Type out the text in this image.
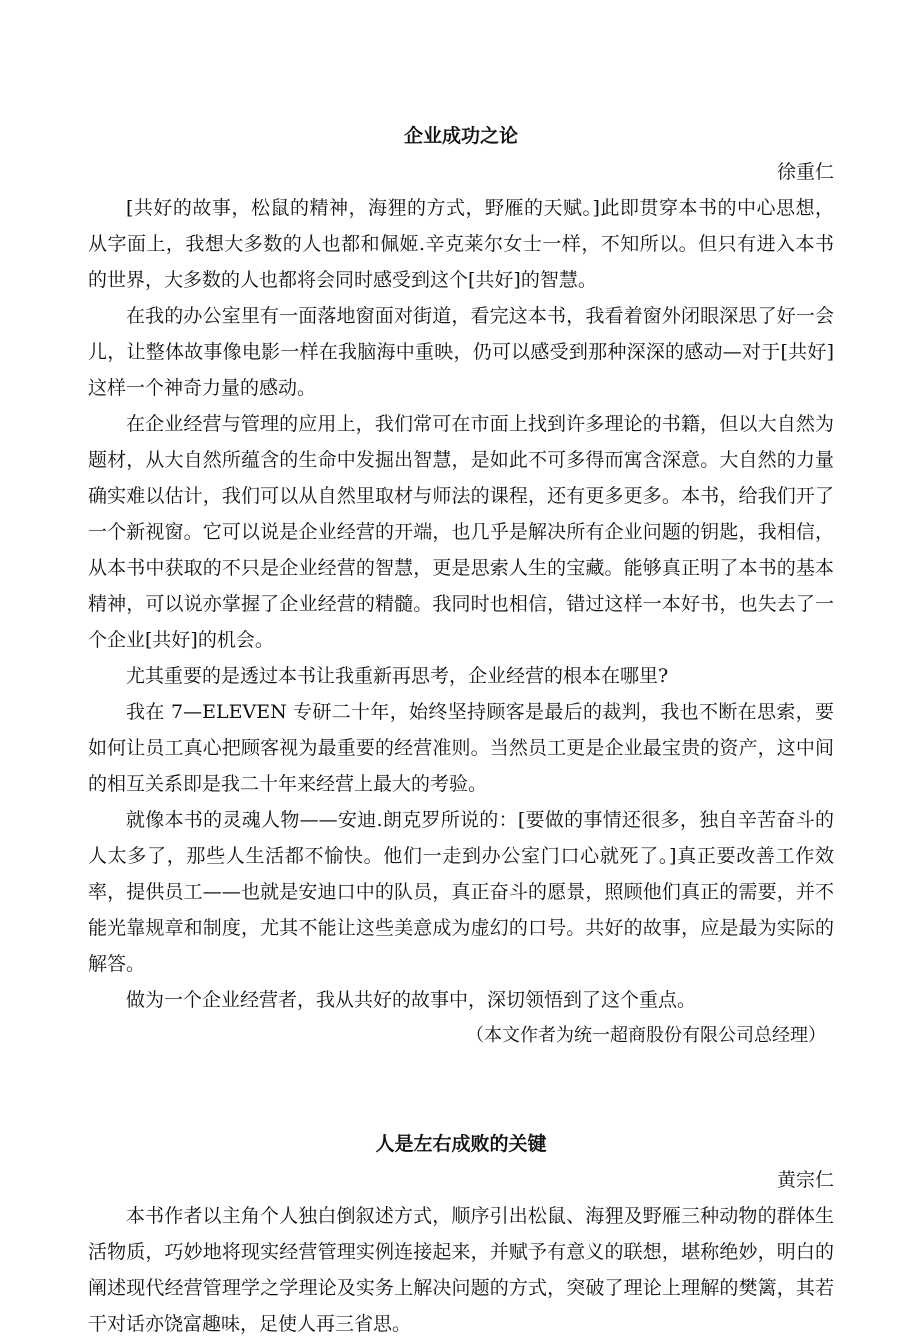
企业成功之论

徐重仁

[共好的故事，松鼠的精神，海狸的方式，野雁的天赋。]此即贯穿本书的中心思想，从字面上，我想大多数的人也都和佩姬.辛克莱尔女士一样，不知所以。但只有进入本书的世界，大多数的人也都将会同时感受到这个[共好]的智慧。

在我的办公室里有一面落地窗面对街道，看完这本书，我看着窗外闭眼深思了好一会儿，让整体故事像电影一样在我脑海中重映，仍可以感受到那种深深的感动—对于[共好]这样一个神奇力量的感动。

在企业经营与管理的应用上，我们常可在市面上找到许多理论的书籍，但以大自然为题材，从大自然所蕴含的生命中发掘出智慧，是如此不可多得而寓含深意。大自然的力量确实难以估计，我们可以从自然里取材与师法的课程，还有更多更多。本书，给我们开了一个新视窗。它可以说是企业经营的开端，也几乎是解决所有企业问题的钥匙，我相信，从本书中获取的不只是企业经营的智慧，更是思索人生的宝藏。能够真正明了本书的基本精神，可以说亦掌握了企业经营的精髓。我同时也相信，错过这样一本好书，也失去了一个企业[共好]的机会。

尤其重要的是透过本书让我重新再思考，企业经营的根本在哪里?

我在 7—ELEVEN 专研二十年，始终坚持顾客是最后的裁判，我也不断在思索，要如何让员工真心把顾客视为最重要的经营准则。当然员工更是企业最宝贵的资产，这中间的相互关系即是我二十年来经营上最大的考验。

就像本书的灵魂人物——安迪.朗克罗所说的：[要做的事情还很多，独自辛苦奋斗的人太多了，那些人生活都不愉快。他们一走到办公室门口心就死了。]真正要改善工作效率，提供员工——也就是安迪口中的队员，真正奋斗的愿景，照顾他们真正的需要，并不能光靠规章和制度，尤其不能让这些美意成为虚幻的口号。共好的故事，应是最为实际的解答。

做为一个企业经营者，我从共好的故事中，深切领悟到了这个重点。

（本文作者为统一超商股份有限公司总经理）

人是左右成败的关键

黄宗仁

本书作者以主角个人独白倒叙述方式，顺序引出松鼠、海狸及野雁三种动物的群体生活物质，巧妙地将现实经营管理实例连接起来，并赋予有意义的联想，堪称绝妙，明白的阐述现代经营管理学之学理论及实务上解决问题的方式，突破了理论上理解的樊篱，其若干对话亦饶富趣味，足使人再三省思。
